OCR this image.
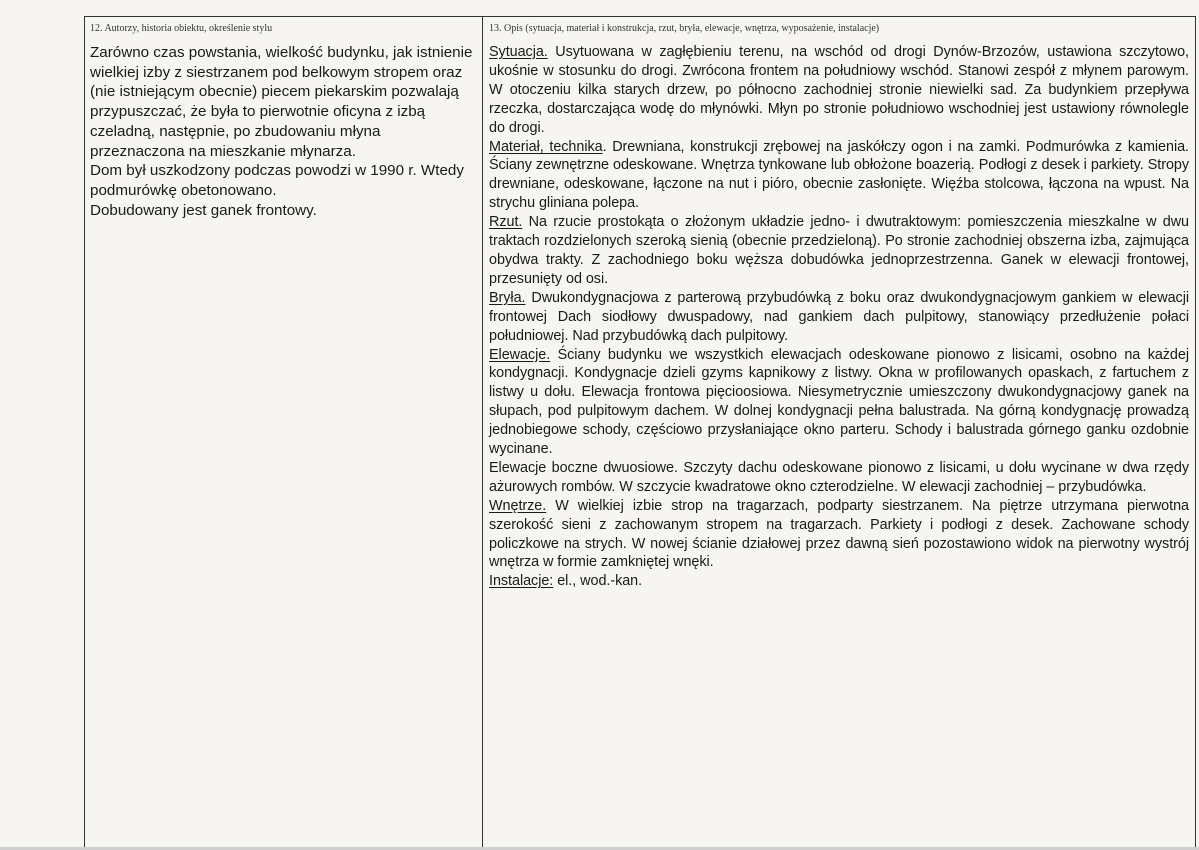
12. Autorzy, historia obiektu, określenie stylu

Zarówno czas powstania, wielkość budynku, jak istnienie wielkiej izby z siestrzanem pod belkowym stropem oraz (nie istniejącym obecnie) piecem piekarskim pozwalają przypuszczać, że była to pierwotnie oficyna z izbą czeladną, następnie, po zbudowaniu młyna przeznaczona na mieszkanie młynarza.

Dom był uszkodzony podczas powodzi w 1990 r. Wtedy podmurówkę obetonowano.

Dobudowany jest ganek frontowy.

13. Opis (sytuacja, materiał i konstrukcja, rzut, bryła, elewacje, wnętrza, wyposażenie, instalacje)

Sytuacja. Usytuowana w zagłębieniu terenu, na wschód od drogi Dynów-Brzozów, ustawiona szczytowo, ukośnie w stosunku do drogi. Zwrócona frontem na południowy wschód. Stanowi zespół z młynem parowym. W otoczeniu kilka starych drzew, po północno zachodniej stronie niewielki sad. Za budynkiem przepływa rzeczka, dostarczająca wodę do młynówki. Młyn po stronie południowo wschodniej jest ustawiony równolegle do drogi.

Materiał, technika. Drewniana, konstrukcji zrębowej na jaskółczy ogon i na zamki. Podmurówka z kamienia. Ściany zewnętrzne odeskowane. Wnętrza tynkowane lub obłożone boazerią. Podłogi z desek i parkiety. Stropy drewniane, odeskowane, łączone na nut i pióro, obecnie zasłonięte. Więźba stolcowa, łączona na wpust. Na strychu gliniana polepa.

Rzut. Na rzucie prostokąta o złożonym układzie jedno- i dwutraktowym: pomieszczenia mieszkalne w dwu traktach rozdzielonych szeroką sienią (obecnie przedzieloną). Po stronie zachodniej obszerna izba, zajmująca obydwa trakty. Z zachodniego boku węższa dobudówka jednoprzestrzenna. Ganek w elewacji frontowej, przesunięty od osi.

Bryła. Dwukondygnacjowa z parterową przybudówką z boku oraz dwukondygnacjowym gankiem w elewacji frontowej Dach siodłowy dwuspadowy, nad gankiem dach pulpitowy, stanowiący przedłużenie połaci południowej. Nad przybudówką dach pulpitowy.

Elewacje. Ściany budynku we wszystkich elewacjach odeskowane pionowo z lisicami, osobno na każdej kondygnacji. Kondygnacje dzieli gzyms kapnikowy z listwy. Okna w profilowanych opaskach, z fartuchem z listwy u dołu. Elewacja frontowa pięcioosiowa. Niesymetrycznie umieszczony dwukondygnacjowy ganek na słupach, pod pulpitowym dachem. W dolnej kondygnacji pełna balustrada. Na górną kondygnację prowadzą jednobiegowe schody, częściowo przysłaniające okno parteru. Schody i balustrada górnego ganku ozdobnie wycinane.

Elewacje boczne dwuosiowe. Szczyty dachu odeskowane pionowo z lisicami, u dołu wycinane w dwa rzędy ażurowych rombów. W szczycie kwadratowe okno czterodzielne. W elewacji zachodniej – przybudówka.

Wnętrze. W wielkiej izbie strop na tragarzach, podparty siestrzanem. Na piętrze utrzymana pierwotna szerokość sieni z zachowanym stropem na tragarzach. Parkiety i podłogi z desek. Zachowane schody policzkowe na strych. W nowej ścianie działowej przez dawną sień pozostawiono widok na pierwotny wystrój wnętrza w formie zamkniętej wnęki.

Instalacje: el., wod.-kan.
